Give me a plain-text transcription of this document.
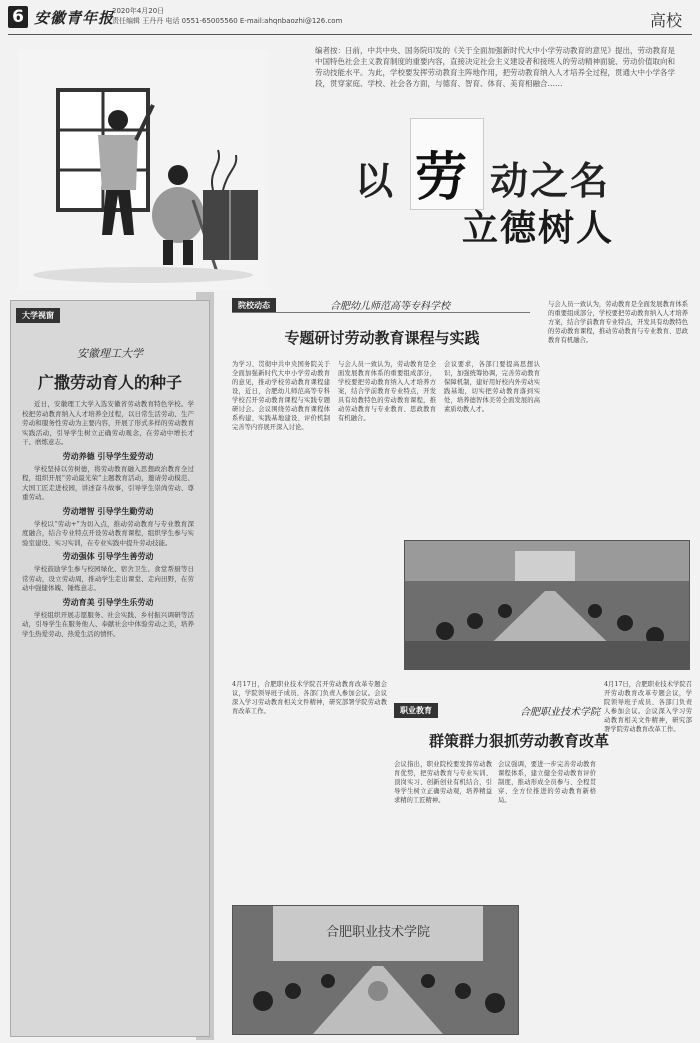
6 安徽青年报
2020年4月20日
责任编辑 王丹丹 电话 0551-65005560 E-mail:ahqnbaozhi@126.com	高校
编者按：日前，中共中央、国务院印发的《关于全面加强新时代大中小学劳动教育的意见》提出，劳动教育是中国特色社会主义教育制度的重要内容，直接决定社会主义建设者和接班人的劳动精神面貌、劳动价值取向和劳动技能水平。为此，学校要发挥劳动教育主阵地作用，把劳动教育纳入人才培养全过程，贯通大中小学各学段，贯穿家庭、学校、社会各方面，与德育、智育、体育、美育相融合……
劳
以	动之名
立德树人
大学视窗
安徽理工大学
广撒劳动育人的种子

近日，安徽理工大学入选安徽省劳动教育特色学校。学校把劳动教育纳入人才培养全过程，以日常生活劳动、生产劳动和服务性劳动为主要内容，开展了形式多样的劳动教育实践活动，引导学生树立正确劳动观念，在劳动中增长才干、磨炼意志。

劳动养德 引导学生爱劳动

学校坚持以劳树德，将劳动教育融入思想政治教育全过程，组织开展“劳动最光荣”主题教育活动，邀请劳动模范、大国工匠走进校园，讲述奋斗故事，引导学生崇尚劳动、尊重劳动。

劳动增智 引导学生勤劳动

学校以“劳动+”为切入点，推动劳动教育与专业教育深度融合，结合专业特点开设劳动教育课程，组织学生参与实验室建设、实习实训，在专业实践中提升劳动技能。

劳动强体 引导学生善劳动

学校鼓励学生参与校园绿化、宿舍卫生、食堂帮厨等日常劳动，设立劳动周，推动学生走出课堂、走向田野，在劳动中强健体魄、锤炼意志。

劳动育美 引导学生乐劳动

学校组织开展志愿服务、社会实践、乡村振兴调研等活动，引导学生在服务他人、奉献社会中体验劳动之美，培养学生热爱劳动、热爱生活的情怀。

院校动态	合肥幼儿师范高等专科学校
专题研讨劳动教育课程与实践
为学习、贯彻中共中央国务院关于全面加强新时代大中小学劳动教育的意见，推动学校劳动教育课程建设，近日，合肥幼儿师范高等专科学校召开劳动教育课程与实践专题研讨会。会议围绕劳动教育课程体系构建、实践基地建设、评价机制完善等内容展开深入讨论。
与会人员一致认为，劳动教育是全面发展教育体系的重要组成部分，学校要把劳动教育纳入人才培养方案，结合学前教育专业特点，开发具有幼教特色的劳动教育课程，推动劳动教育与专业教育、思政教育有机融合。
会议要求，各部门要提高思想认识，加强统筹协调，完善劳动教育保障机制，建好用好校内外劳动实践基地，切实把劳动教育落到实处，培养德智体美劳全面发展的高素质幼教人才。
与会人员一致认为，劳动教育是全面发展教育体系的重要组成部分，学校要把劳动教育纳入人才培养方案，结合学前教育专业特点，开发具有幼教特色的劳动教育课程，推动劳动教育与专业教育、思政教育有机融合。
4月17日，合肥职业技术学院召开劳动教育改革专题会议，学院领导班子成员、各部门负责人参加会议。会议深入学习劳动教育相关文件精神，研究部署学院劳动教育改革工作。	职业教育	合肥职业技术学院
群策群力狠抓劳动教育改革
会议指出，职业院校要发挥劳动教育优势，把劳动教育与专业实训、顶岗实习、创新创业有机结合，引导学生树立正确劳动观，培养精益求精的工匠精神。
会议强调，要进一步完善劳动教育课程体系，建立健全劳动教育评价制度，推动形成全员参与、全程贯穿、全方位推进的劳动教育新格局。
4月17日，合肥职业技术学院召开劳动教育改革专题会议，学院领导班子成员、各部门负责人参加会议。会议深入学习劳动教育相关文件精神，研究部署学院劳动教育改革工作。
合肥职业技术学院
